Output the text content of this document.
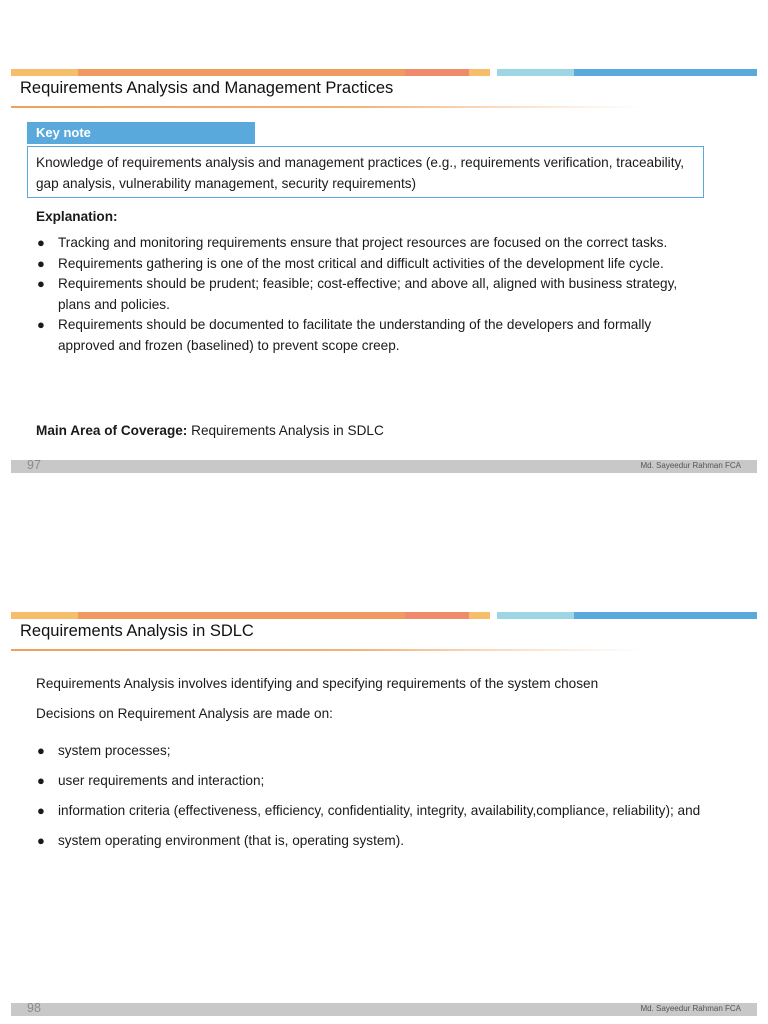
Requirements Analysis and Management Practices
Key note
Knowledge of requirements analysis and management practices (e.g., requirements verification, traceability, gap analysis, vulnerability management, security requirements)
Explanation:
● Tracking and monitoring requirements ensure that project resources are focused on the correct tasks.
● Requirements gathering is one of the most critical and difficult activities of the development life cycle.
● Requirements should be prudent; feasible; cost-effective; and above all, aligned with business strategy, plans and policies.
● Requirements should be documented to facilitate the understanding of the developers and formally approved and frozen (baselined) to prevent scope creep.
Main Area of Coverage: Requirements Analysis in SDLC
97	Md. Sayeedur Rahman FCA
Requirements Analysis in SDLC
Requirements Analysis involves identifying and specifying requirements of the system chosen
Decisions on Requirement Analysis are made on:
● system processes;
● user requirements and interaction;
● information criteria (effectiveness, efficiency, confidentiality, integrity, availability,compliance, reliability); and
● system operating environment (that is, operating system).
98	Md. Sayeedur Rahman FCA
